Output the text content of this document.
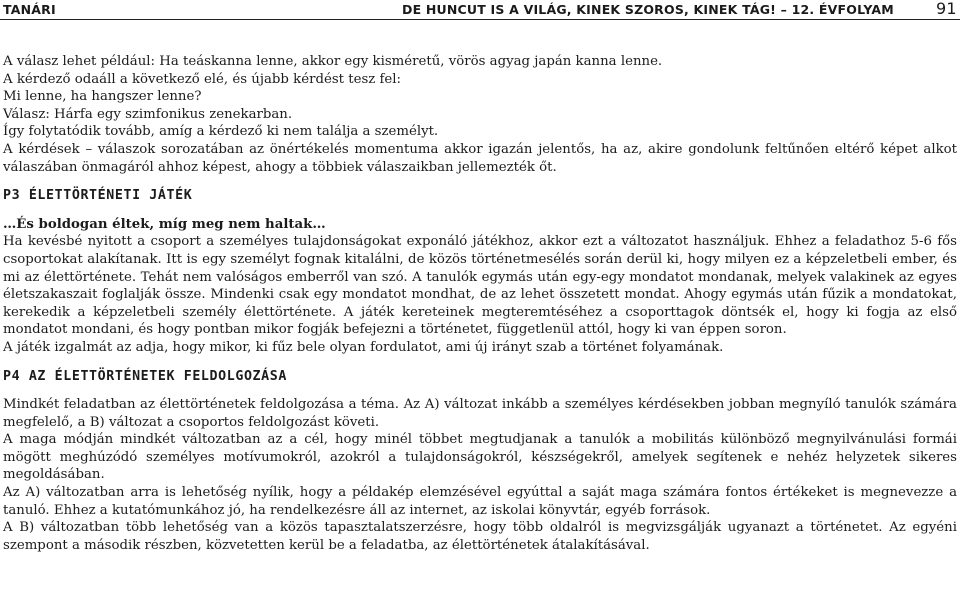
TANÁRI	DE HUNCUT IS A VILÁG, KINEK SZOROS, KINEK TÁG! – 12. ÉVFOLYAM	91

A válasz lehet például: Ha teáskanna lenne, akkor egy kisméretű, vörös agyag japán kanna lenne.

A kérdező odaáll a következő elé, és újabb kérdést tesz fel:

Mi lenne, ha hangszer lenne?

Válasz: Hárfa egy szimfonikus zenekarban.

Így folytatódik tovább, amíg a kérdező ki nem találja a személyt.

A kérdések – válaszok sorozatában az önértékelés momentuma akkor igazán jelentős, ha az, akire gondolunk feltűnően eltérő képet alkot válaszában önmagáról ahhoz képest, ahogy a többiek válaszaikban jellemezték őt.

P3 ÉLETTÖRTÉNETI JÁTÉK

…És boldogan éltek, míg meg nem haltak…

Ha kevésbé nyitott a csoport a személyes tulajdonságokat exponáló játékhoz, akkor ezt a változatot használjuk. Ehhez a feladathoz 5-6 fős csoportokat alakítanak. Itt is egy személyt fognak kitalálni, de közös történetmesélés során derül ki, hogy milyen ez a képzeletbeli ember, és mi az élettörténete. Tehát nem valóságos emberről van szó. A tanulók egymás után egy-egy mondatot mondanak, melyek valakinek az egyes életszakaszait foglalják össze. Mindenki csak egy mondatot mondhat, de az lehet összetett mondat. Ahogy egymás után fűzik a mondatokat, kerekedik a képzeletbeli személy élettörténete. A játék kereteinek megteremtéséhez a csoporttagok döntsék el, hogy ki fogja az első mondatot mondani, és hogy pontban mikor fogják befejezni a történetet, függetlenül attól, hogy ki van éppen soron.

A játék izgalmát az adja, hogy mikor, ki fűz bele olyan fordulatot, ami új irányt szab a történet folyamának.

P4 AZ ÉLETTÖRTÉNETEK FELDOLGOZÁSA

Mindkét feladatban az élettörténetek feldolgozása a téma. Az A) változat inkább a személyes kérdésekben jobban megnyíló tanulók számára megfelelő, a B) változat a csoportos feldolgozást követi.

A maga módján mindkét változatban az a cél, hogy minél többet megtudjanak a tanulók a mobilitás különböző megnyilvánulási formái mögött meghúzódó személyes motívumokról, azokról a tulajdonságokról, készségekről, amelyek segítenek e nehéz helyzetek sikeres megoldásában.

Az A) változatban arra is lehetőség nyílik, hogy a példakép elemzésével egyúttal a saját maga számára fontos értékeket is megnevezze a tanuló. Ehhez a kutatómunkához jó, ha rendelkezésre áll az internet, az iskolai könyvtár, egyéb források.

A B) változatban több lehetőség van a közös tapasztalatszerzésre, hogy több oldalról is megvizsgálják ugyanazt a történetet. Az egyéni szempont a második részben, közvetetten kerül be a feladatba, az élettörténetek átalakításával.
